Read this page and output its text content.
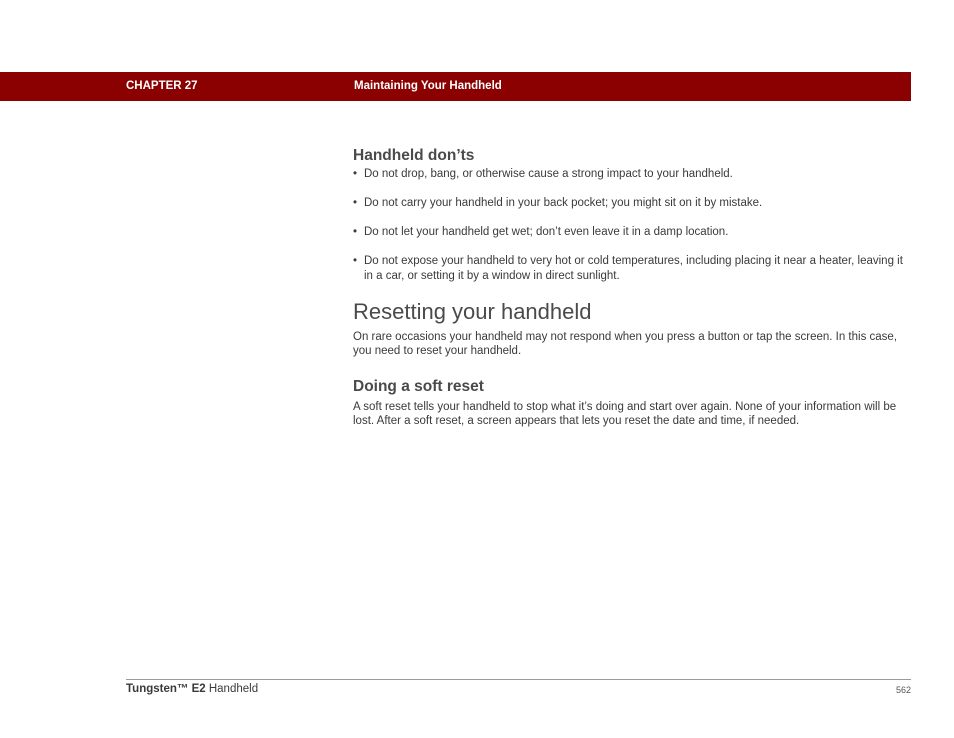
CHAPTER 27	Maintaining Your Handheld
Handheld don’ts
• Do not drop, bang, or otherwise cause a strong impact to your handheld.
• Do not carry your handheld in your back pocket; you might sit on it by mistake.
• Do not let your handheld get wet; don’t even leave it in a damp location.
• Do not expose your handheld to very hot or cold temperatures, including placing it near a heater, leaving it in a car, or setting it by a window in direct sunlight.
Resetting your handheld

On rare occasions your handheld may not respond when you press a button or tap the screen. In this case, you need to reset your handheld.

Doing a soft reset

A soft reset tells your handheld to stop what it’s doing and start over again. None of your information will be lost. After a soft reset, a screen appears that lets you reset the date and time, if needed.

Tungsten™ E2 Handheld	562
